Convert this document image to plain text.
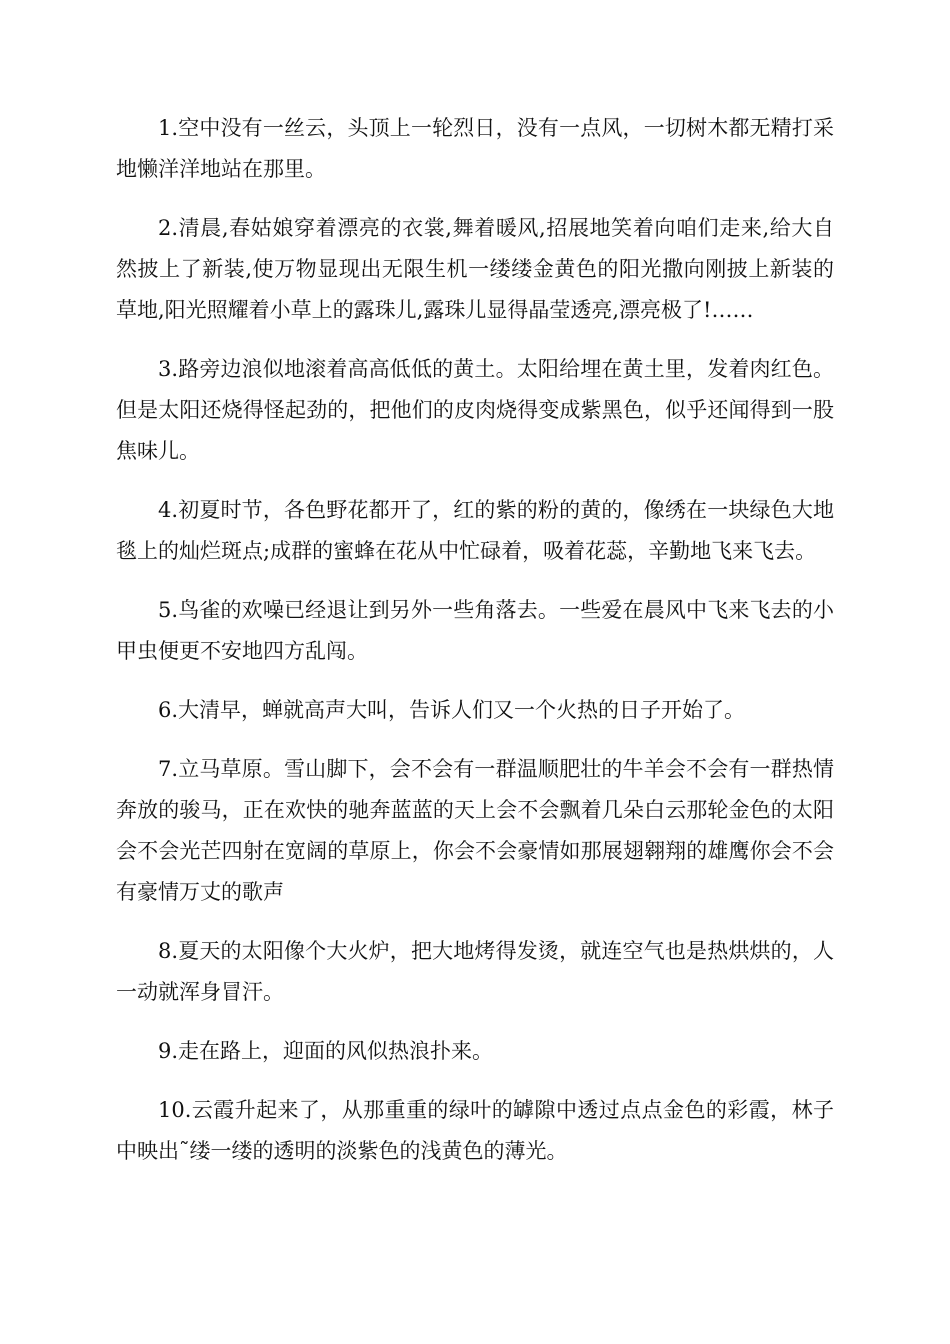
1.空中没有一丝云，头顶上一轮烈日，没有一点风，一切树木都无精打采地懒洋洋地站在那里。

2.清晨,春姑娘穿着漂亮的衣裳,舞着暖风,招展地笑着向咱们走来,给大自然披上了新装,使万物显现出无限生机一缕缕金黄色的阳光撒向刚披上新装的草地,阳光照耀着小草上的露珠儿,露珠儿显得晶莹透亮,漂亮极了!……

3.路旁边浪似地滚着高高低低的黄土。太阳给埋在黄土里，发着肉红色。但是太阳还烧得怪起劲的，把他们的皮肉烧得变成紫黑色，似乎还闻得到一股焦味儿。

4.初夏时节，各色野花都开了，红的紫的粉的黄的，像绣在一块绿色大地毯上的灿烂斑点;成群的蜜蜂在花从中忙碌着，吸着花蕊，辛勤地飞来飞去。

5.鸟雀的欢噪已经退让到另外一些角落去。一些爱在晨风中飞来飞去的小甲虫便更不安地四方乱闯。

6.大清早，蝉就高声大叫，告诉人们又一个火热的日子开始了。

7.立马草原。雪山脚下，会不会有一群温顺肥壮的牛羊会不会有一群热情奔放的骏马，正在欢快的驰奔蓝蓝的天上会不会飘着几朵白云那轮金色的太阳会不会光芒四射在宽阔的草原上，你会不会豪情如那展翅翱翔的雄鹰你会不会有豪情万丈的歌声

8.夏天的太阳像个大火炉，把大地烤得发烫，就连空气也是热烘烘的，人一动就浑身冒汗。

9.走在路上，迎面的风似热浪扑来。

10.云霞升起来了，从那重重的绿叶的罅隙中透过点点金色的彩霞，林子中映出˜缕一缕的透明的淡紫色的浅黄色的薄光。
